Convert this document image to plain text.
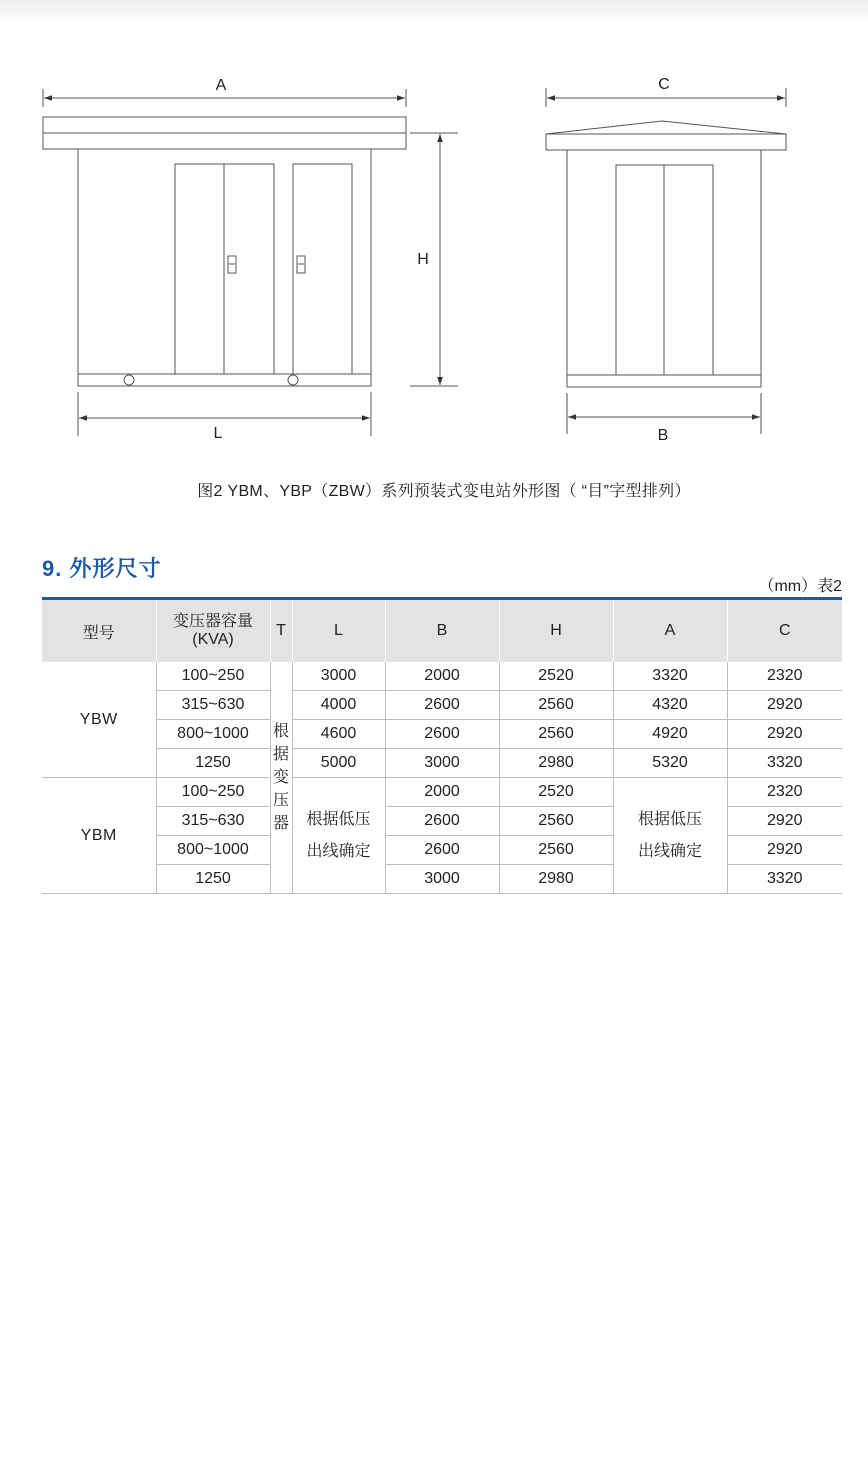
A
H
L
C
B
图2 YBM、YBP（ZBW）系列预装式变电站外形图（ “目”字型排列）
9. 外形尺寸
（mm）表2
型号	变压器容量(KVA)	T	L	B	H	A	C
YBW	100~250	根
据
变
压
器	3000	2000	2520	3320	2320
	315~630		4000	2600	2560	4320	2920
	800~1000		4600	2600	2560	4920	2920
	1250		5000	3000	2980	5320	3320
YBM	100~250		根据低压
出线确定	2000	2520	根据低压
出线确定	2320
	315~630			2600	2560		2920
	800~1000			2600	2560		2920
	1250			3000	2980		3320
